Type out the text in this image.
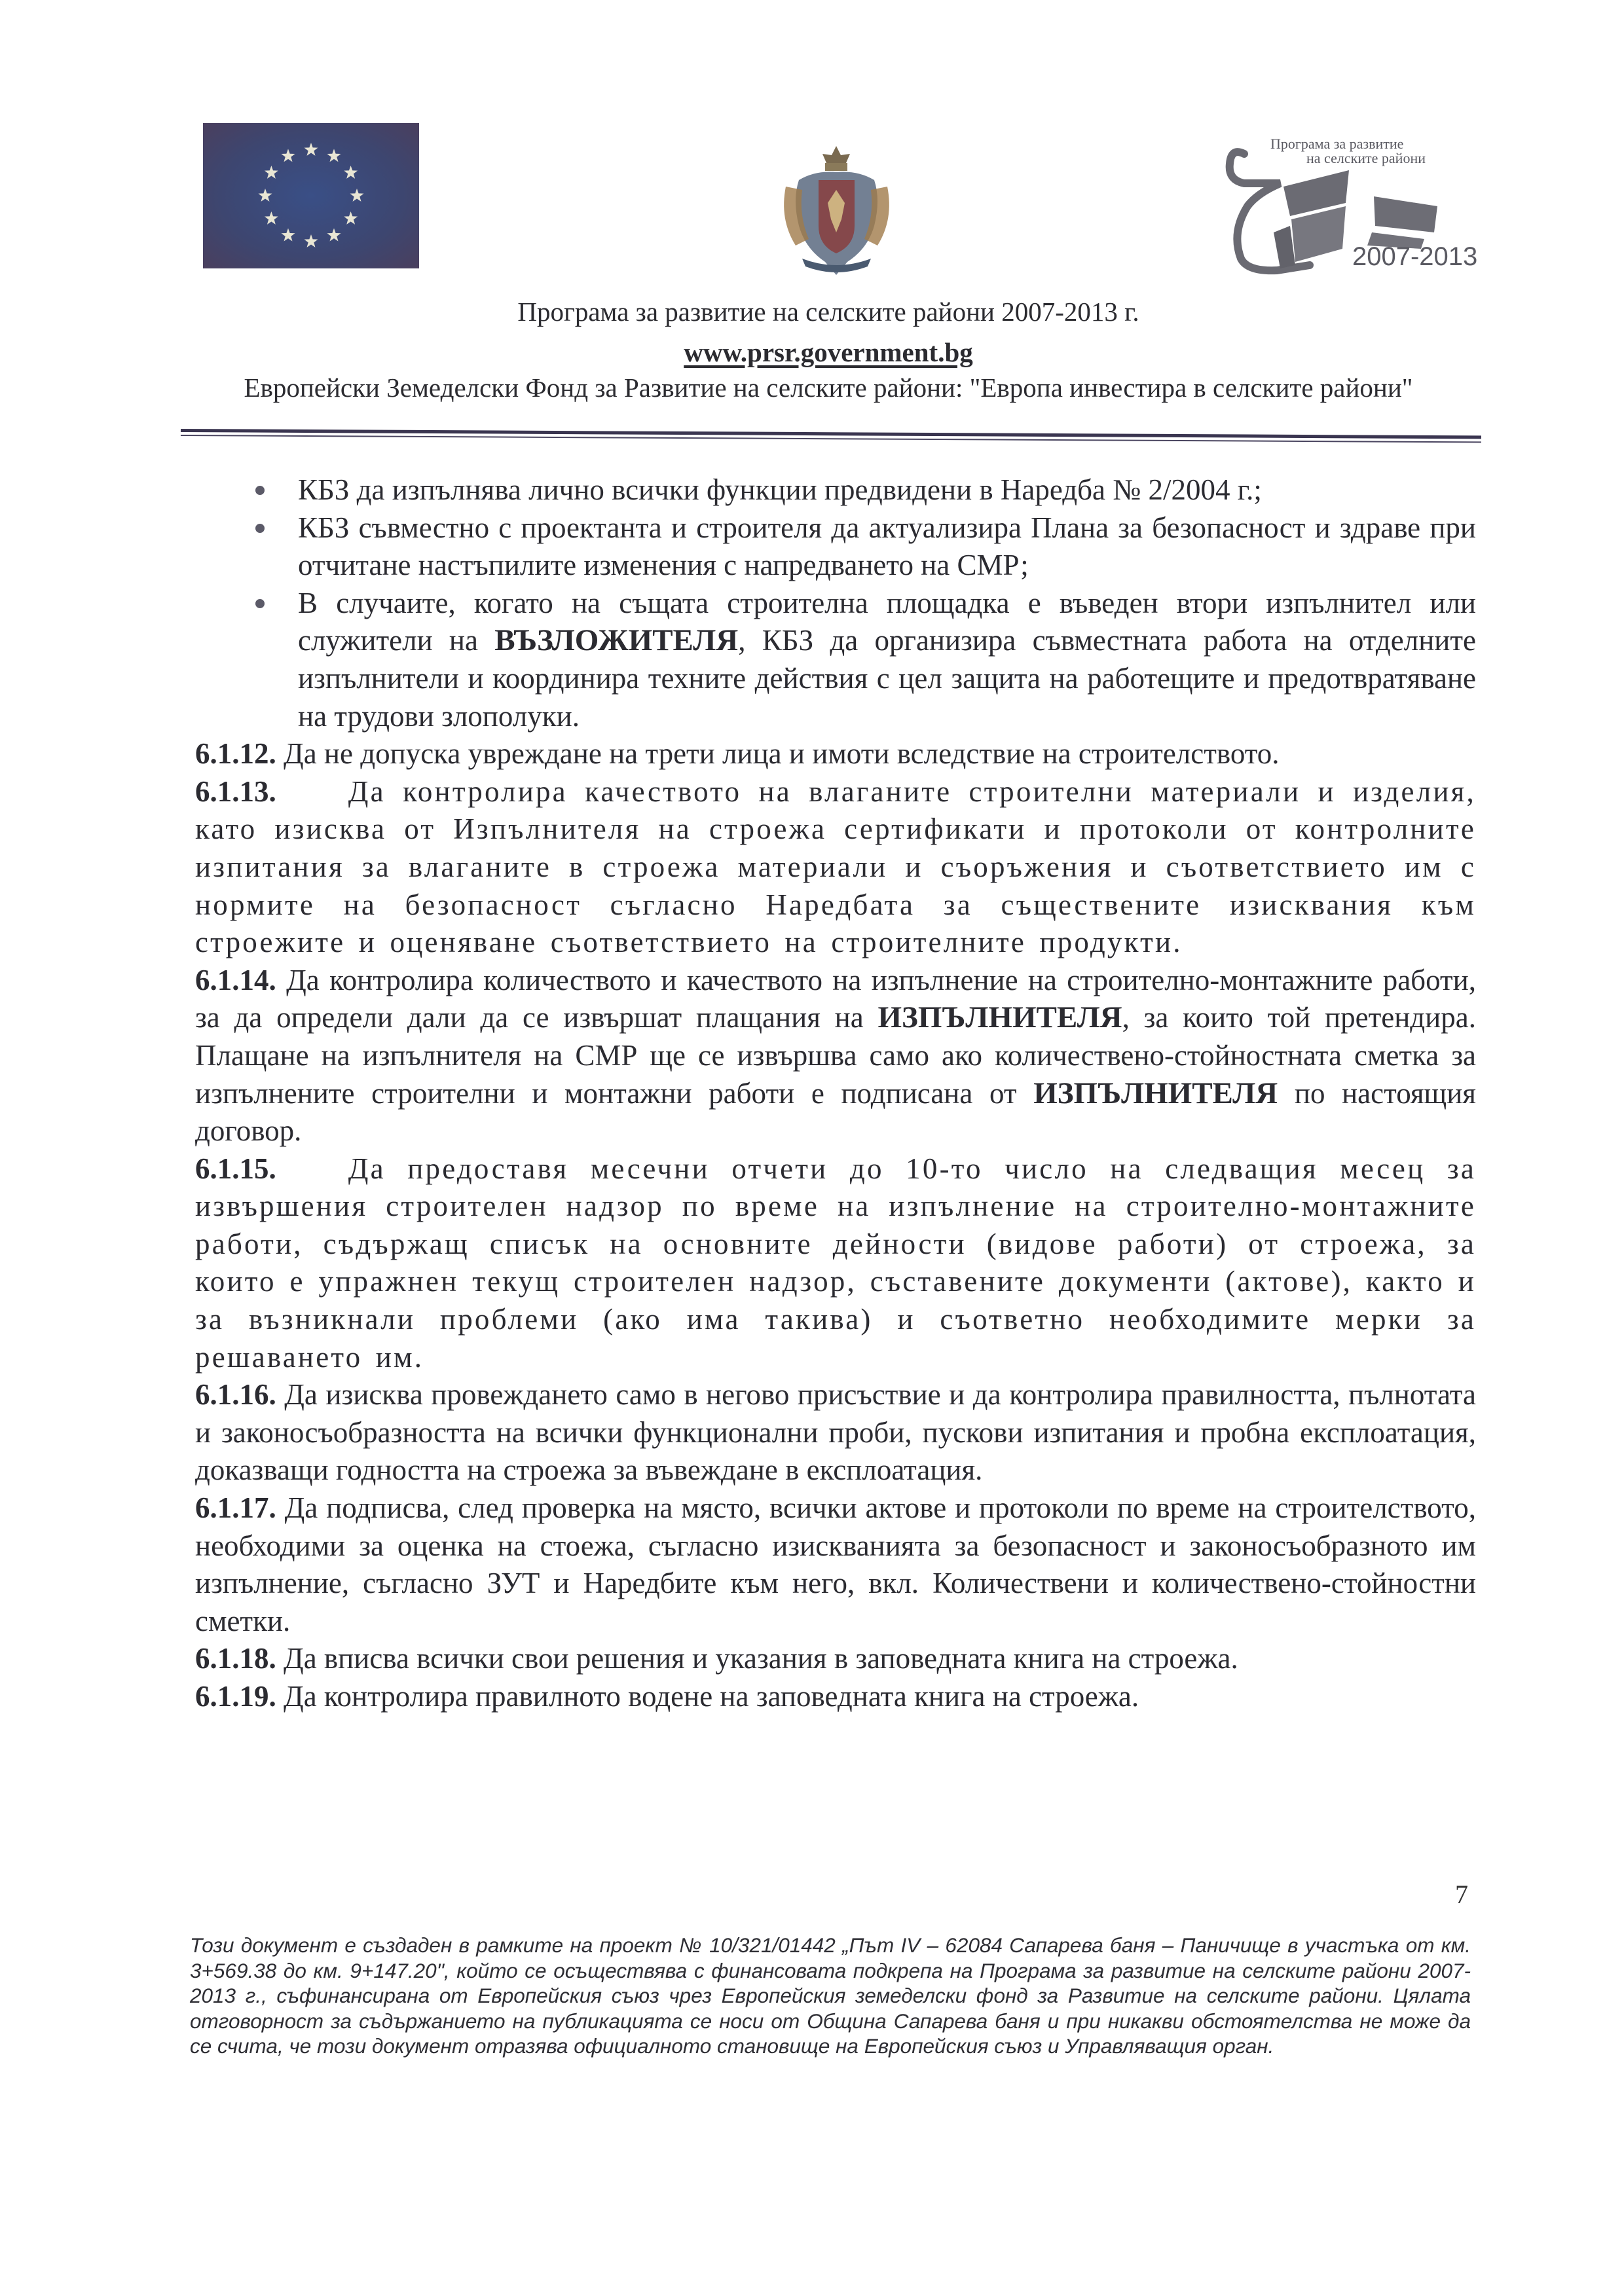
Програма за развитие
на селските райони
2007-2013
Програма за развитие на селските райони 2007-2013 г.
www.prsr.government.bg
Европейски Земеделски Фонд за Развитие на селските райони: "Европа инвестира в селските райони"
КБЗ да изпълнява лично всички функции предвидени в Наредба № 2/2004 г.;
КБЗ съвместно с проектанта и строителя да актуализира Плана за безопасност и здраве при отчитане настъпилите изменения с напредването на СМР;
В случаите, когато на същата строителна площадка е въведен втори изпълнител или служители на ВЪЗЛОЖИТЕЛЯ, КБЗ да организира съвместната работа на отделните изпълнители и координира техните действия с цел защита на работещите и предотвратяване на трудови злополуки.
6.1.12. Да не допуска увреждане на трети лица и имоти вследствие на строителството.
6.1.13. Да контролира качеството на влаганите строителни материали и изделия, като изисква от Изпълнителя на строежа сертификати и протоколи от контролните изпитания за влаганите в строежа материали и съоръжения и съответствието им с нормите на безопасност съгласно Наредбата за съществените изисквания към строежите и оценяване съответствието на строителните продукти.
6.1.14. Да контролира количеството и качеството на изпълнение на строително-монтажните работи, за да определи дали да се извършат плащания на ИЗПЪЛНИТЕЛЯ, за които той претендира. Плащане на изпълнителя на СМР ще се извършва само ако количествено-стойностната сметка за изпълнените строителни и монтажни работи е подписана от ИЗПЪЛНИТЕЛЯ по настоящия договор.
6.1.15. Да предоставя месечни отчети до 10-то число на следващия месец за извършения строителен надзор по време на изпълнение на строително-монтажните работи, съдържащ списък на основните дейности (видове работи) от строежа, за които е упражнен текущ строителен надзор, съставените документи (актове), както и за възникнали проблеми (ако има такива) и съответно необходимите мерки за решаването им.
6.1.16. Да изисква провеждането само в негово присъствие и да контролира правилността, пълнотата и законосъобразността на всички функционални проби, пускови изпитания и пробна експлоатация, доказващи годността на строежа за въвеждане в експлоатация.
6.1.17. Да подписва, след проверка на място, всички актове и протоколи по време на строителството, необходими за оценка на стоежа, съгласно изискванията за безопасност и законосъобразното им изпълнение, съгласно ЗУТ и Наредбите към него, вкл. Количествени и количествено-стойностни сметки.
6.1.18. Да вписва всички свои решения и указания в заповедната книга на строежа.
6.1.19. Да контролира правилното водене на заповедната книга на строежа.
7
Този документ е създаден в рамките на проект № 10/321/01442 „Път IV – 62084 Сапарева баня – Паничище в участъка от км. 3+569.38 до км. 9+147.20", който се осъществява с финансовата подкрепа на Програма за развитие на селските райони 2007-2013 г., съфинансирана от Европейския съюз чрез Европейския земеделски фонд за Развитие на селските райони. Цялата отговорност за съдържанието на публикацията се носи от Община Сапарева баня и при никакви обстоятелства не може да се счита, че този документ отразява официалното становище на Европейския съюз и Управляващия орган.
